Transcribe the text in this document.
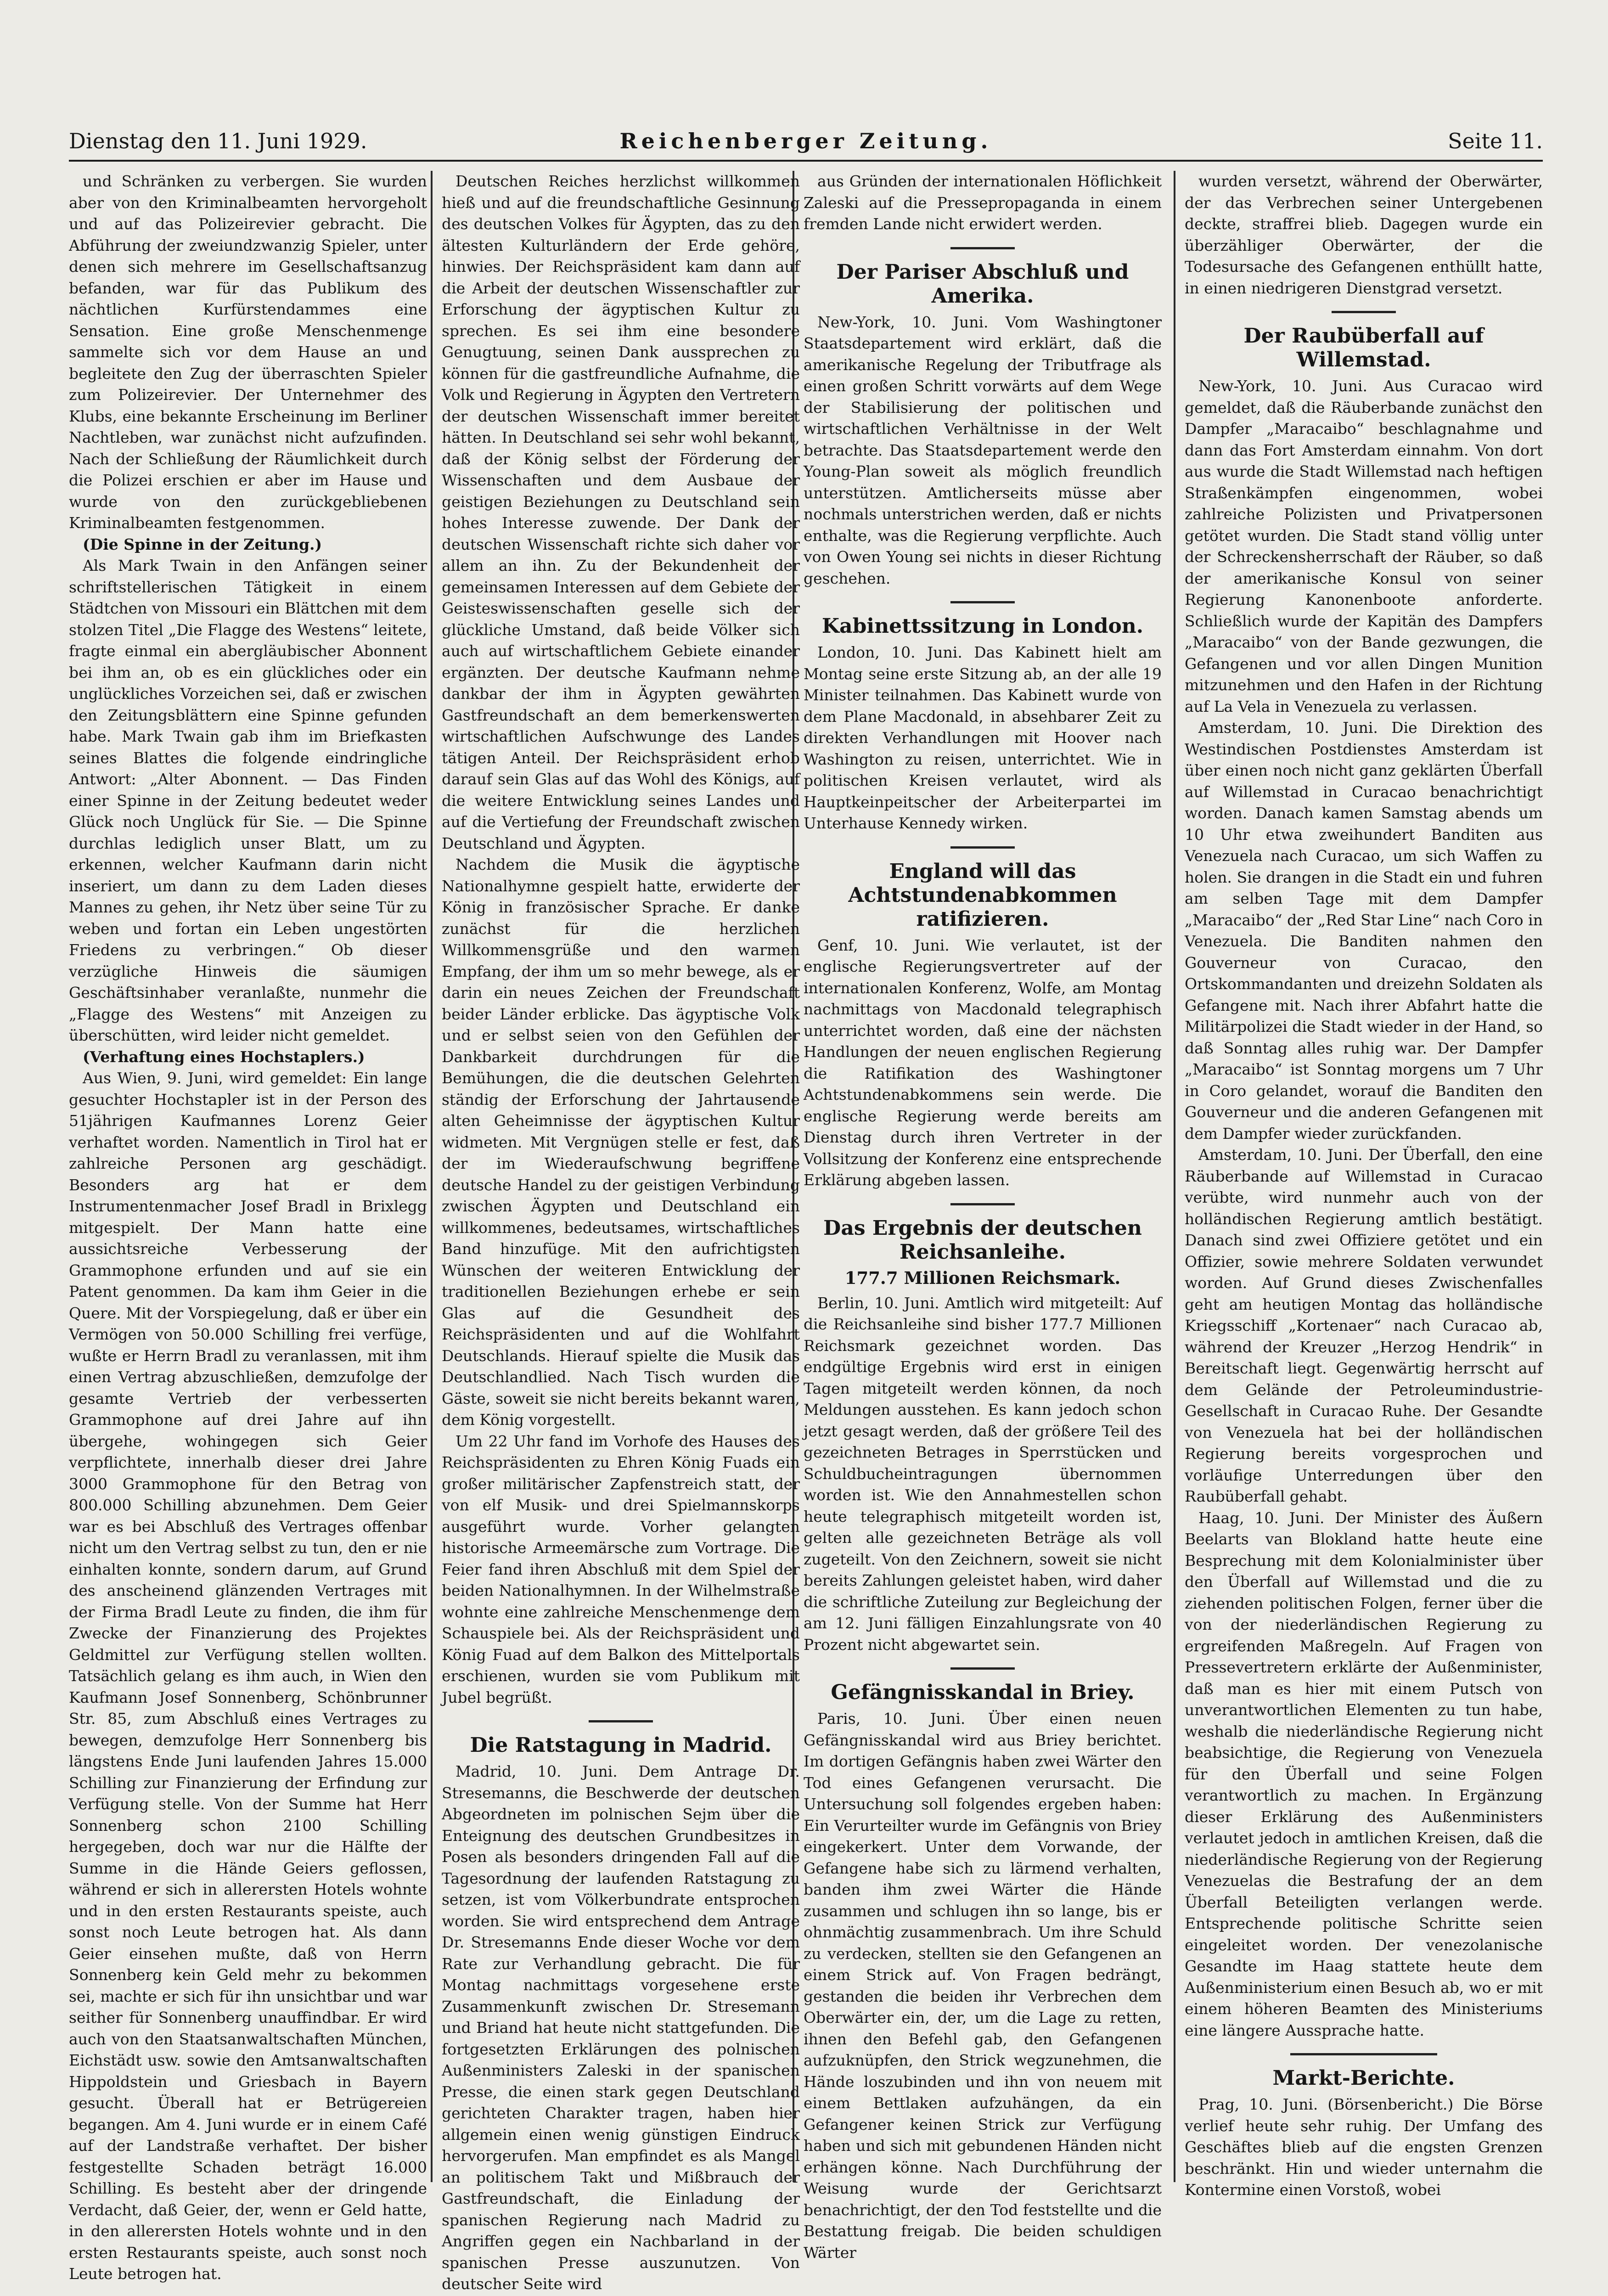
Dienstag den 11. Juni 1929.	Reichenberger Zeitung.	Seite 11.

und Schränken zu verbergen. Sie wurden aber von den Kriminalbeamten hervorgeholt und auf das Polizeirevier gebracht. Die Abführung der zweiundzwanzig Spieler, unter denen sich mehrere im Gesellschaftsanzug befanden, war für das Publikum des nächtlichen Kurfürstendammes eine Sensation. Eine große Menschenmenge sammelte sich vor dem Hause an und begleitete den Zug der überraschten Spieler zum Polizeirevier. Der Unternehmer des Klubs, eine bekannte Erscheinung im Berliner Nachtleben, war zunächst nicht aufzufinden. Nach der Schließung der Räumlichkeit durch die Polizei erschien er aber im Hause und wurde von den zurückgebliebenen Kriminalbeamten festgenommen.

(Die Spinne in der Zeitung.)

Als Mark Twain in den Anfängen seiner schriftstellerischen Tätigkeit in einem Städtchen von Missouri ein Blättchen mit dem stolzen Titel „Die Flagge des Westens“ leitete, fragte einmal ein abergläubischer Abonnent bei ihm an, ob es ein glückliches oder ein unglückliches Vorzeichen sei, daß er zwischen den Zeitungsblättern eine Spinne gefunden habe. Mark Twain gab ihm im Briefkasten seines Blattes die folgende eindringliche Antwort: „Alter Abonnent. — Das Finden einer Spinne in der Zeitung bedeutet weder Glück noch Unglück für Sie. — Die Spinne durchlas lediglich unser Blatt, um zu erkennen, welcher Kaufmann darin nicht inseriert, um dann zu dem Laden dieses Mannes zu gehen, ihr Netz über seine Tür zu weben und fortan ein Leben ungestörten Friedens zu verbringen.“ Ob dieser verzügliche Hinweis die säumigen Geschäftsinhaber veranlaßte, nunmehr die „Flagge des Westens“ mit Anzeigen zu überschütten, wird leider nicht gemeldet.

(Verhaftung eines Hochstaplers.)

Aus Wien, 9. Juni, wird gemeldet: Ein lange gesuchter Hochstapler ist in der Person des 51jährigen Kaufmannes Lorenz Geier verhaftet worden. Namentlich in Tirol hat er zahlreiche Personen arg geschädigt. Besonders arg hat er dem Instrumentenmacher Josef Bradl in Brixlegg mitgespielt. Der Mann hatte eine aussichtsreiche Verbesserung der Grammophone erfunden und auf sie ein Patent genommen. Da kam ihm Geier in die Quere. Mit der Vorspiegelung, daß er über ein Vermögen von 50.000 Schilling frei verfüge, wußte er Herrn Bradl zu veranlassen, mit ihm einen Vertrag abzuschließen, demzufolge der gesamte Vertrieb der verbesserten Grammophone auf drei Jahre auf ihn übergehe, wohingegen sich Geier verpflichtete, innerhalb dieser drei Jahre 3000 Grammophone für den Betrag von 800.000 Schilling abzunehmen. Dem Geier war es bei Abschluß des Vertrages offenbar nicht um den Vertrag selbst zu tun, den er nie einhalten konnte, sondern darum, auf Grund des anscheinend glänzenden Vertrages mit der Firma Bradl Leute zu finden, die ihm für Zwecke der Finanzierung des Projektes Geldmittel zur Verfügung stellen wollten. Tatsächlich gelang es ihm auch, in Wien den Kaufmann Josef Sonnenberg, Schönbrunner Str. 85, zum Abschluß eines Vertrages zu bewegen, demzufolge Herr Sonnenberg bis längstens Ende Juni laufenden Jahres 15.000 Schilling zur Finanzierung der Erfindung zur Verfügung stelle. Von der Summe hat Herr Sonnenberg schon 2100 Schilling hergegeben, doch war nur die Hälfte der Summe in die Hände Geiers geflossen, während er sich in allerersten Hotels wohnte und in den ersten Restaurants speiste, auch sonst noch Leute betrogen hat. Als dann Geier einsehen mußte, daß von Herrn Sonnenberg kein Geld mehr zu bekommen sei, machte er sich für ihn unsichtbar und war seither für Sonnenberg unauffindbar. Er wird auch von den Staatsanwaltschaften München, Eichstädt usw. sowie den Amtsanwaltschaften Hippoldstein und Griesbach in Bayern gesucht. Überall hat er Betrügereien begangen. Am 4. Juni wurde er in einem Café auf der Landstraße verhaftet. Der bisher festgestellte Schaden beträgt 16.000 Schilling. Es besteht aber der dringende Verdacht, daß Geier, der, wenn er Geld hatte, in den allerersten Hotels wohnte und in den ersten Restaurants speiste, auch sonst noch Leute betrogen hat.

Deutschen Reiches herzlichst willkommen hieß und auf die freundschaftliche Gesinnung des deutschen Volkes für Ägypten, das zu den ältesten Kulturländern der Erde gehöre, hinwies. Der Reichspräsident kam dann auf die Arbeit der deutschen Wissenschaftler zur Erforschung der ägyptischen Kultur zu sprechen. Es sei ihm eine besondere Genugtuung, seinen Dank aussprechen zu können für die gastfreundliche Aufnahme, die Volk und Regierung in Ägypten den Vertretern der deutschen Wissenschaft immer bereitet hätten. In Deutschland sei sehr wohl bekannt, daß der König selbst der Förderung der Wissenschaften und dem Ausbaue der geistigen Beziehungen zu Deutschland sein hohes Interesse zuwende. Der Dank der deutschen Wissenschaft richte sich daher vor allem an ihn. Zu der Bekundenheit der gemeinsamen Interessen auf dem Gebiete der Geisteswissenschaften geselle sich der glückliche Umstand, daß beide Völker sich auch auf wirtschaftlichem Gebiete einander ergänzten. Der deutsche Kaufmann nehme dankbar der ihm in Ägypten gewährten Gastfreundschaft an dem bemerkenswerten wirtschaftlichen Aufschwunge des Landes tätigen Anteil. Der Reichspräsident erhob darauf sein Glas auf das Wohl des Königs, auf die weitere Entwicklung seines Landes und auf die Vertiefung der Freundschaft zwischen Deutschland und Ägypten.

Nachdem die Musik die ägyptische Nationalhymne gespielt hatte, erwiderte der König in französischer Sprache. Er danke zunächst für die herzlichen Willkommensgrüße und den warmen Empfang, der ihm um so mehr bewege, als er darin ein neues Zeichen der Freundschaft beider Länder erblicke. Das ägyptische Volk und er selbst seien von den Gefühlen der Dankbarkeit durchdrungen für die Bemühungen, die die deutschen Gelehrten ständig der Erforschung der Jahrtausende alten Geheimnisse der ägyptischen Kultur widmeten. Mit Vergnügen stelle er fest, daß der im Wiederaufschwung begriffene deutsche Handel zu der geistigen Verbindung zwischen Ägypten und Deutschland ein willkommenes, bedeutsames, wirtschaftliches Band hinzufüge. Mit den aufrichtigsten Wünschen der weiteren Entwicklung der traditionellen Beziehungen erhebe er sein Glas auf die Gesundheit des Reichspräsidenten und auf die Wohlfahrt Deutschlands. Hierauf spielte die Musik das Deutschlandlied. Nach Tisch wurden die Gäste, soweit sie nicht bereits bekannt waren, dem König vorgestellt.

Um 22 Uhr fand im Vorhofe des Hauses des Reichspräsidenten zu Ehren König Fuads ein großer militärischer Zapfenstreich statt, der von elf Musik- und drei Spielmannskorps ausgeführt wurde. Vorher gelangten historische Armeemärsche zum Vortrage. Die Feier fand ihren Abschluß mit dem Spiel der beiden Nationalhymnen. In der Wilhelmstraße wohnte eine zahlreiche Menschenmenge dem Schauspiele bei. Als der Reichspräsident und König Fuad auf dem Balkon des Mittelportals erschienen, wurden sie vom Publikum mit Jubel begrüßt.

Die Ratstagung in Madrid.

Madrid, 10. Juni. Dem Antrage Dr. Stresemanns, die Beschwerde der deutschen Abgeordneten im polnischen Sejm über die Enteignung des deutschen Grundbesitzes in Posen als besonders dringenden Fall auf die Tagesordnung der laufenden Ratstagung zu setzen, ist vom Völkerbundrate entsprochen worden. Sie wird entsprechend dem Antrage Dr. Stresemanns Ende dieser Woche vor dem Rate zur Verhandlung gebracht. Die für Montag nachmittags vorgesehene erste Zusammenkunft zwischen Dr. Stresemann und Briand hat heute nicht stattgefunden. Die fortgesetzten Erklärungen des polnischen Außenministers Zaleski in der spanischen Presse, die einen stark gegen Deutschland gerichteten Charakter tragen, haben hier allgemein einen wenig günstigen Eindruck hervorgerufen. Man empfindet es als Mangel an politischem Takt und Mißbrauch der Gastfreundschaft, die Einladung der spanischen Regierung nach Madrid zu Angriffen gegen ein Nachbarland in der spanischen Presse auszunutzen. Von deutscher Seite wird

aus Gründen der internationalen Höflichkeit Zaleski auf die Pressepropaganda in einem fremden Lande nicht erwidert werden.

Der Pariser Abschluß und Amerika.

New-York, 10. Juni. Vom Washingtoner Staatsdepartement wird erklärt, daß die amerikanische Regelung der Tributfrage als einen großen Schritt vorwärts auf dem Wege der Stabilisierung der politischen und wirtschaftlichen Verhältnisse in der Welt betrachte. Das Staatsdepartement werde den Young-Plan soweit als möglich freundlich unterstützen. Amtlicherseits müsse aber nochmals unterstrichen werden, daß er nichts enthalte, was die Regierung verpflichte. Auch von Owen Young sei nichts in dieser Richtung geschehen.

Kabinettssitzung in London.

London, 10. Juni. Das Kabinett hielt am Montag seine erste Sitzung ab, an der alle 19 Minister teilnahmen. Das Kabinett wurde von dem Plane Macdonald, in absehbarer Zeit zu direkten Verhandlungen mit Hoover nach Washington zu reisen, unterrichtet. Wie in politischen Kreisen verlautet, wird als Hauptkeinpeitscher der Arbeiterpartei im Unterhause Kennedy wirken.

England will das Achtstundenabkommen ratifizieren.

Genf, 10. Juni. Wie verlautet, ist der englische Regierungsvertreter auf der internationalen Konferenz, Wolfe, am Montag nachmittags von Macdonald telegraphisch unterrichtet worden, daß eine der nächsten Handlungen der neuen englischen Regierung die Ratifikation des Washingtoner Achtstundenabkommens sein werde. Die englische Regierung werde bereits am Dienstag durch ihren Vertreter in der Vollsitzung der Konferenz eine entsprechende Erklärung abgeben lassen.

Das Ergebnis der deutschen Reichsanleihe.
177.7 Millionen Reichsmark.

Berlin, 10. Juni. Amtlich wird mitgeteilt: Auf die Reichsanleihe sind bisher 177.7 Millionen Reichsmark gezeichnet worden. Das endgültige Ergebnis wird erst in einigen Tagen mitgeteilt werden können, da noch Meldungen ausstehen. Es kann jedoch schon jetzt gesagt werden, daß der größere Teil des gezeichneten Betrages in Sperrstücken und Schuldbucheintragungen übernommen worden ist. Wie den Annahmestellen schon heute telegraphisch mitgeteilt worden ist, gelten alle gezeichneten Beträge als voll zugeteilt. Von den Zeichnern, soweit sie nicht bereits Zahlungen geleistet haben, wird daher die schriftliche Zuteilung zur Begleichung der am 12. Juni fälligen Einzahlungsrate von 40 Prozent nicht abgewartet sein.

Gefängnisskandal in Briey.

Paris, 10. Juni. Über einen neuen Gefängnisskandal wird aus Briey berichtet. Im dortigen Gefängnis haben zwei Wärter den Tod eines Gefangenen verursacht. Die Untersuchung soll folgendes ergeben haben: Ein Verurteilter wurde im Gefängnis von Briey eingekerkert. Unter dem Vorwande, der Gefangene habe sich zu lärmend verhalten, banden ihm zwei Wärter die Hände zusammen und schlugen ihn so lange, bis er ohnmächtig zusammenbrach. Um ihre Schuld zu verdecken, stellten sie den Gefangenen an einem Strick auf. Von Fragen bedrängt, gestanden die beiden ihr Verbrechen dem Oberwärter ein, der, um die Lage zu retten, ihnen den Befehl gab, den Gefangenen aufzuknüpfen, den Strick wegzunehmen, die Hände loszubinden und ihn von neuem mit einem Bettlaken aufzuhängen, da ein Gefangener keinen Strick zur Verfügung haben und sich mit gebundenen Händen nicht erhängen könne. Nach Durchführung der Weisung wurde der Gerichtsarzt benachrichtigt, der den Tod feststellte und die Bestattung freigab. Die beiden schuldigen Wärter

wurden versetzt, während der Oberwärter, der das Verbrechen seiner Untergebenen deckte, straffrei blieb. Dagegen wurde ein überzähliger Oberwärter, der die Todesursache des Gefangenen enthüllt hatte, in einen niedrigeren Dienstgrad versetzt.

Der Raubüberfall auf Willemstad.

New-York, 10. Juni. Aus Curacao wird gemeldet, daß die Räuberbande zunächst den Dampfer „Maracaibo“ beschlagnahme und dann das Fort Amsterdam einnahm. Von dort aus wurde die Stadt Willemstad nach heftigen Straßenkämpfen eingenommen, wobei zahlreiche Polizisten und Privatpersonen getötet wurden. Die Stadt stand völlig unter der Schreckensherrschaft der Räuber, so daß der amerikanische Konsul von seiner Regierung Kanonenboote anforderte. Schließlich wurde der Kapitän des Dampfers „Maracaibo“ von der Bande gezwungen, die Gefangenen und vor allen Dingen Munition mitzunehmen und den Hafen in der Richtung auf La Vela in Venezuela zu verlassen.

Amsterdam, 10. Juni. Die Direktion des Westindischen Postdienstes Amsterdam ist über einen noch nicht ganz geklärten Überfall auf Willemstad in Curacao benachrichtigt worden. Danach kamen Samstag abends um 10 Uhr etwa zweihundert Banditen aus Venezuela nach Curacao, um sich Waffen zu holen. Sie drangen in die Stadt ein und fuhren am selben Tage mit dem Dampfer „Maracaibo“ der „Red Star Line“ nach Coro in Venezuela. Die Banditen nahmen den Gouverneur von Curacao, den Ortskommandanten und dreizehn Soldaten als Gefangene mit. Nach ihrer Abfahrt hatte die Militärpolizei die Stadt wieder in der Hand, so daß Sonntag alles ruhig war. Der Dampfer „Maracaibo“ ist Sonntag morgens um 7 Uhr in Coro gelandet, worauf die Banditen den Gouverneur und die anderen Gefangenen mit dem Dampfer wieder zurückfanden.

Amsterdam, 10. Juni. Der Überfall, den eine Räuberbande auf Willemstad in Curacao verübte, wird nunmehr auch von der holländischen Regierung amtlich bestätigt. Danach sind zwei Offiziere getötet und ein Offizier, sowie mehrere Soldaten verwundet worden. Auf Grund dieses Zwischenfalles geht am heutigen Montag das holländische Kriegsschiff „Kortenaer“ nach Curacao ab, während der Kreuzer „Herzog Hendrik“ in Bereitschaft liegt. Gegenwärtig herrscht auf dem Gelände der Petroleumindustrie-Gesellschaft in Curacao Ruhe. Der Gesandte von Venezuela hat bei der holländischen Regierung bereits vorgesprochen und vorläufige Unterredungen über den Raubüberfall gehabt.

Haag, 10. Juni. Der Minister des Äußern Beelarts van Blokland hatte heute eine Besprechung mit dem Kolonialminister über den Überfall auf Willemstad und die zu ziehenden politischen Folgen, ferner über die von der niederländischen Regierung zu ergreifenden Maßregeln. Auf Fragen von Pressevertretern erklärte der Außenminister, daß man es hier mit einem Putsch von unverantwortlichen Elementen zu tun habe, weshalb die niederländische Regierung nicht beabsichtige, die Regierung von Venezuela für den Überfall und seine Folgen verantwortlich zu machen. In Ergänzung dieser Erklärung des Außenministers verlautet jedoch in amtlichen Kreisen, daß die niederländische Regierung von der Regierung Venezuelas die Bestrafung der an dem Überfall Beteiligten verlangen werde. Entsprechende politische Schritte seien eingeleitet worden. Der venezolanische Gesandte im Haag stattete heute dem Außenministerium einen Besuch ab, wo er mit einem höheren Beamten des Ministeriums eine längere Aussprache hatte.

Markt-Berichte.

Prag, 10. Juni. (Börsenbericht.) Die Börse verlief heute sehr ruhig. Der Umfang des Geschäftes blieb auf die engsten Grenzen beschränkt. Hin und wieder unternahm die Kontermine einen Vorstoß, wobei
